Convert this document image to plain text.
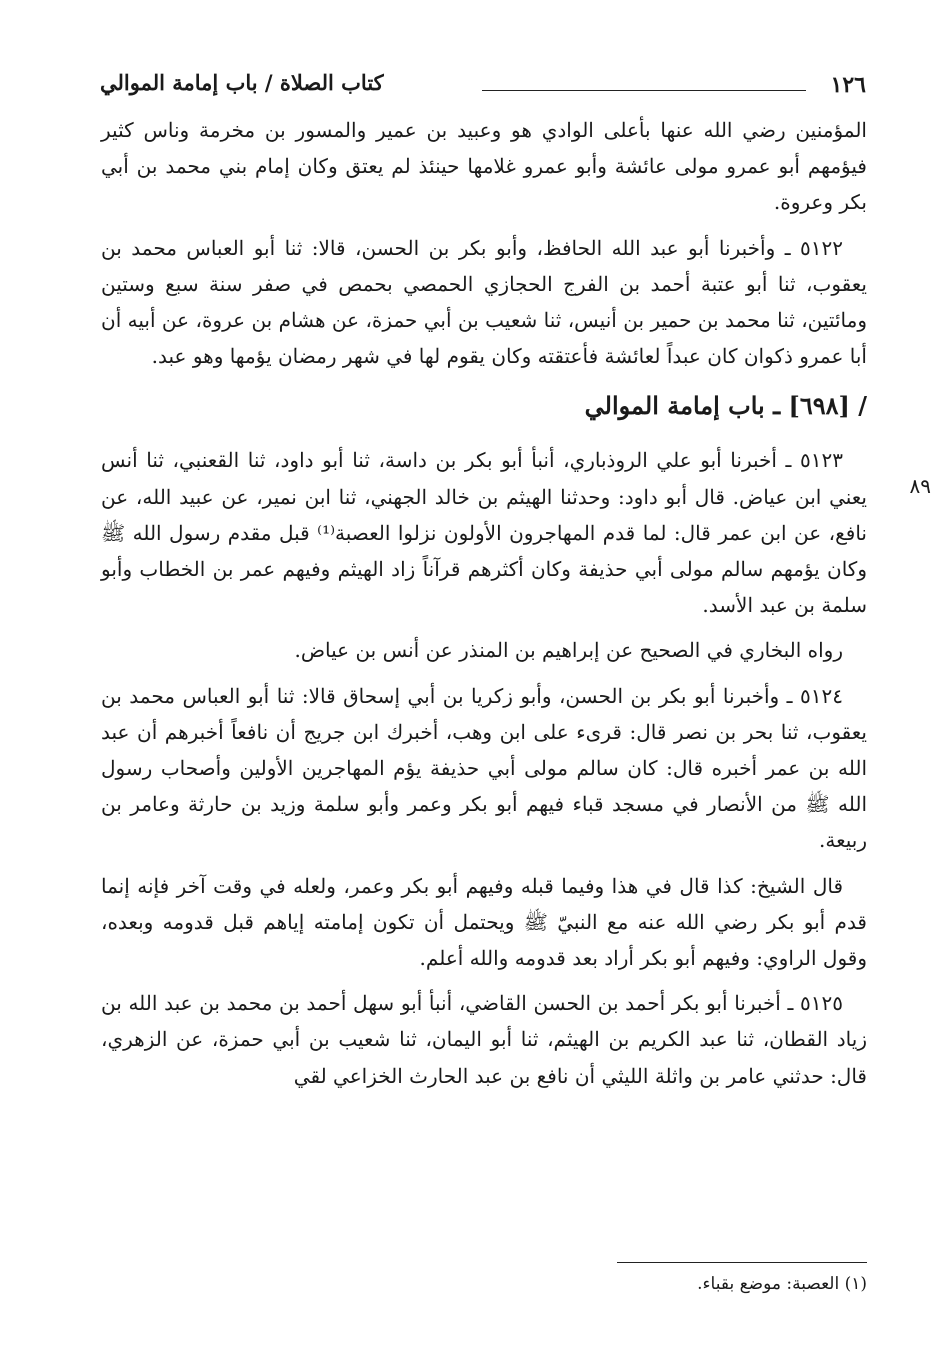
١٢٦
كتاب الصلاة / باب إمامة الموالي
٨٩

المؤمنين رضي الله عنها بأعلى الوادي هو وعبيد بن عمير والمسور بن مخرمة وناس كثير فيؤمهم أبو عمرو مولى عائشة وأبو عمرو غلامها حينئذ لم يعتق وكان إمام بني محمد بن أبي بكر وعروة.

٥١٢٢ ـ وأخبرنا أبو عبد الله الحافظ، وأبو بكر بن الحسن، قالا: ثنا أبو العباس محمد بن يعقوب، ثنا أبو عتبة أحمد بن الفرج الحجازي الحمصي بحمص في صفر سنة سبع وستين ومائتين، ثنا محمد بن حمير بن أنيس، ثنا شعيب بن أبي حمزة، عن هشام بن عروة، عن أبيه أن أبا عمرو ذكوان كان عبداً لعائشة فأعتقته وكان يقوم لها في شهر رمضان يؤمها وهو عبد.

/ [٦٩٨] ـ باب إمامة الموالي

٥١٢٣ ـ أخبرنا أبو علي الروذباري، أنبأ أبو بكر بن داسة، ثنا أبو داود، ثنا القعنبي، ثنا أنس يعني ابن عياض. قال أبو داود: وحدثنا الهيثم بن خالد الجهني، ثنا ابن نمير، عن عبيد الله، عن نافع، عن ابن عمر قال: لما قدم المهاجرون الأولون نزلوا العصبة⁽¹⁾ قبل مقدم رسول الله ﷺ وكان يؤمهم سالم مولى أبي حذيفة وكان أكثرهم قرآناً زاد الهيثم وفيهم عمر بن الخطاب وأبو سلمة بن عبد الأسد.

رواه البخاري في الصحيح عن إبراهيم بن المنذر عن أنس بن عياض.

٥١٢٤ ـ وأخبرنا أبو بكر بن الحسن، وأبو زكريا بن أبي إسحاق قالا: ثنا أبو العباس محمد بن يعقوب، ثنا بحر بن نصر قال: قرىء على ابن وهب، أخبرك ابن جريج أن نافعاً أخبرهم أن عبد الله بن عمر أخبره قال: كان سالم مولى أبي حذيفة يؤم المهاجرين الأولين وأصحاب رسول الله ﷺ من الأنصار في مسجد قباء فيهم أبو بكر وعمر وأبو سلمة وزيد بن حارثة وعامر بن ربيعة.

قال الشيخ: كذا قال في هذا وفيما قبله وفيهم أبو بكر وعمر، ولعله في وقت آخر فإنه إنما قدم أبو بكر رضي الله عنه مع النبيّ ﷺ ويحتمل أن تكون إمامته إياهم قبل قدومه وبعده، وقول الراوي: وفيهم أبو بكر أراد بعد قدومه والله أعلم.

٥١٢٥ ـ أخبرنا أبو بكر أحمد بن الحسن القاضي، أنبأ أبو سهل أحمد بن محمد بن عبد الله بن زياد القطان، ثنا عبد الكريم بن الهيثم، ثنا أبو اليمان، ثنا شعيب بن أبي حمزة، عن الزهري، قال: حدثني عامر بن واثلة الليثي أن نافع بن عبد الحارث الخزاعي لقي

(١) العصبة: موضع بقباء.
